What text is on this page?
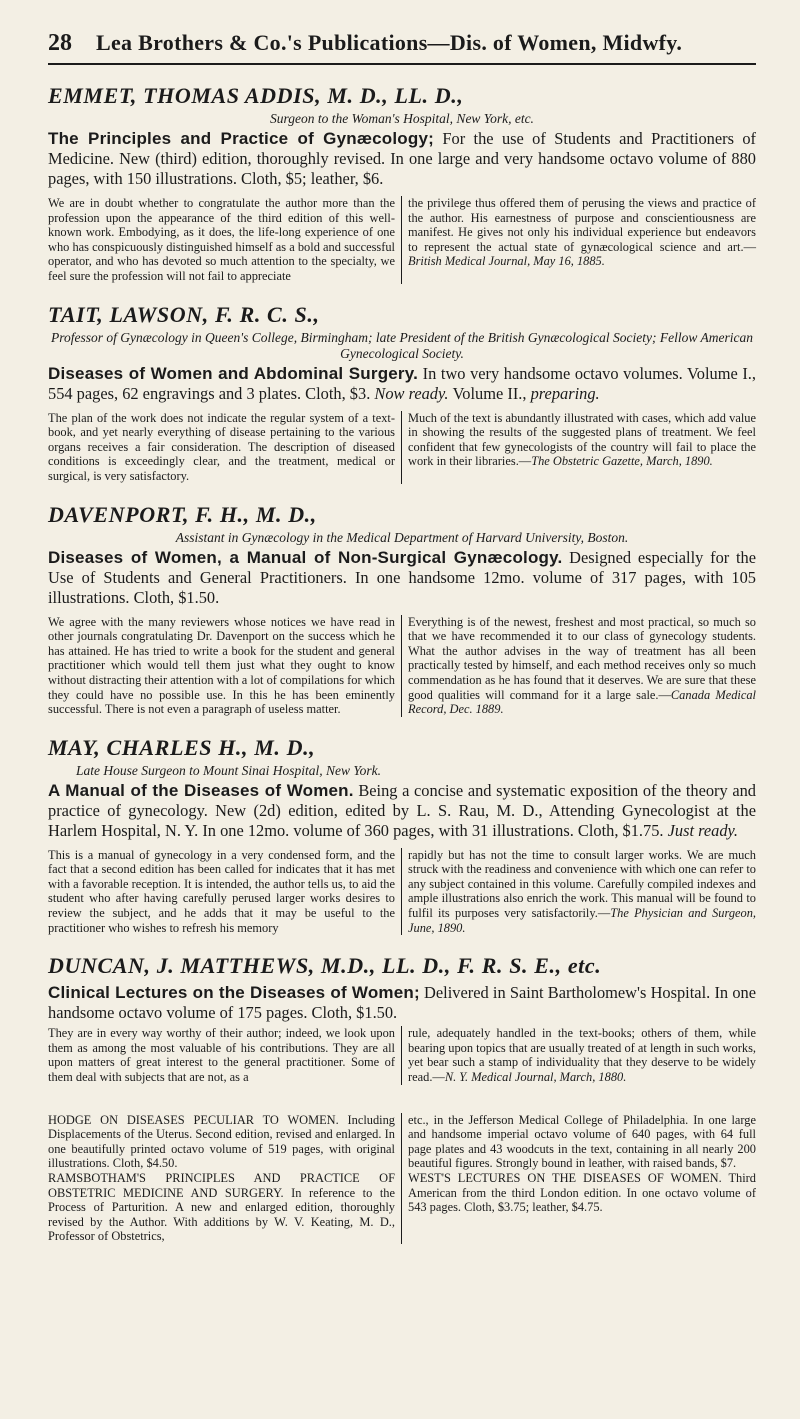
28	Lea Brothers & Co.'s Publications—Dis. of Women, Midwfy.

EMMET, THOMAS ADDIS, M. D., LL. D.,

Surgeon to the Woman's Hospital, New York, etc.

The Principles and Practice of Gynæcology; For the use of Students and Practitioners of Medicine. New (third) edition, thoroughly revised. In one large and very handsome octavo volume of 880 pages, with 150 illustrations. Cloth, $5; leather, $6.

We are in doubt whether to congratulate the author more than the profession upon the appearance of the third edition of this well-known work. Embodying, as it does, the life-long experience of one who has conspicuously distinguished himself as a bold and successful operator, and who has devoted so much attention to the specialty, we feel sure the profession will not fail to appreciate
the privilege thus offered them of perusing the views and practice of the author. His earnestness of purpose and conscientiousness are manifest. He gives not only his individual experience but endeavors to represent the actual state of gynæcological science and art.—British Medical Journal, May 16, 1885.

TAIT, LAWSON, F. R. C. S.,

Professor of Gynæcology in Queen's College, Birmingham; late President of the British Gynæcological Society; Fellow American Gynecological Society.

Diseases of Women and Abdominal Surgery. In two very handsome octavo volumes. Volume I., 554 pages, 62 engravings and 3 plates. Cloth, $3. Now ready. Volume II., preparing.

The plan of the work does not indicate the regular system of a text-book, and yet nearly everything of disease pertaining to the various organs receives a fair consideration. The description of diseased conditions is exceedingly clear, and the treatment, medical or surgical, is very satisfactory.
Much of the text is abundantly illustrated with cases, which add value in showing the results of the suggested plans of treatment. We feel confident that few gynecologists of the country will fail to place the work in their libraries.—The Obstetric Gazette, March, 1890.

DAVENPORT, F. H., M. D.,

Assistant in Gynæcology in the Medical Department of Harvard University, Boston.

Diseases of Women, a Manual of Non-Surgical Gynæcology. Designed especially for the Use of Students and General Practitioners. In one handsome 12mo. volume of 317 pages, with 105 illustrations. Cloth, $1.50.

We agree with the many reviewers whose notices we have read in other journals congratulating Dr. Davenport on the success which he has attained. He has tried to write a book for the student and general practitioner which would tell them just what they ought to know without distracting their attention with a lot of compilations for which they could have no possible use. In this he has been eminently successful. There is not even a paragraph of useless matter.
Everything is of the newest, freshest and most practical, so much so that we have recommended it to our class of gynecology students. What the author advises in the way of treatment has all been practically tested by himself, and each method receives only so much commendation as he has found that it deserves. We are sure that these good qualities will command for it a large sale.—Canada Medical Record, Dec. 1889.

MAY, CHARLES H., M. D.,

Late House Surgeon to Mount Sinai Hospital, New York.

A Manual of the Diseases of Women. Being a concise and systematic exposition of the theory and practice of gynecology. New (2d) edition, edited by L. S. Rau, M. D., Attending Gynecologist at the Harlem Hospital, N. Y. In one 12mo. volume of 360 pages, with 31 illustrations. Cloth, $1.75. Just ready.

This is a manual of gynecology in a very condensed form, and the fact that a second edition has been called for indicates that it has met with a favorable reception. It is intended, the author tells us, to aid the student who after having carefully perused larger works desires to review the subject, and he adds that it may be useful to the practitioner who wishes to refresh his memory
rapidly but has not the time to consult larger works. We are much struck with the readiness and convenience with which one can refer to any subject contained in this volume. Carefully compiled indexes and ample illustrations also enrich the work. This manual will be found to fulfil its purposes very satisfactorily.—The Physician and Surgeon, June, 1890.

DUNCAN, J. MATTHEWS, M.D., LL. D., F. R. S. E., etc.

Clinical Lectures on the Diseases of Women; Delivered in Saint Bartholomew's Hospital. In one handsome octavo volume of 175 pages. Cloth, $1.50.

They are in every way worthy of their author; indeed, we look upon them as among the most valuable of his contributions. They are all upon matters of great interest to the general practitioner. Some of them deal with subjects that are not, as a
rule, adequately handled in the text-books; others of them, while bearing upon topics that are usually treated of at length in such works, yet bear such a stamp of individuality that they deserve to be widely read.—N. Y. Medical Journal, March, 1880.

HODGE ON DISEASES PECULIAR TO WOMEN. Including Displacements of the Uterus. Second edition, revised and enlarged. In one beautifully printed octavo volume of 519 pages, with original illustrations. Cloth, $4.50.

RAMSBOTHAM'S PRINCIPLES AND PRACTICE OF OBSTETRIC MEDICINE AND SURGERY. In reference to the Process of Parturition. A new and enlarged edition, thoroughly revised by the Author. With additions by W. V. Keating, M. D., Professor of Obstetrics,

etc., in the Jefferson Medical College of Philadelphia. In one large and handsome imperial octavo volume of 640 pages, with 64 full page plates and 43 woodcuts in the text, containing in all nearly 200 beautiful figures. Strongly bound in leather, with raised bands, $7.

WEST'S LECTURES ON THE DISEASES OF WOMEN. Third American from the third London edition. In one octavo volume of 543 pages. Cloth, $3.75; leather, $4.75.
